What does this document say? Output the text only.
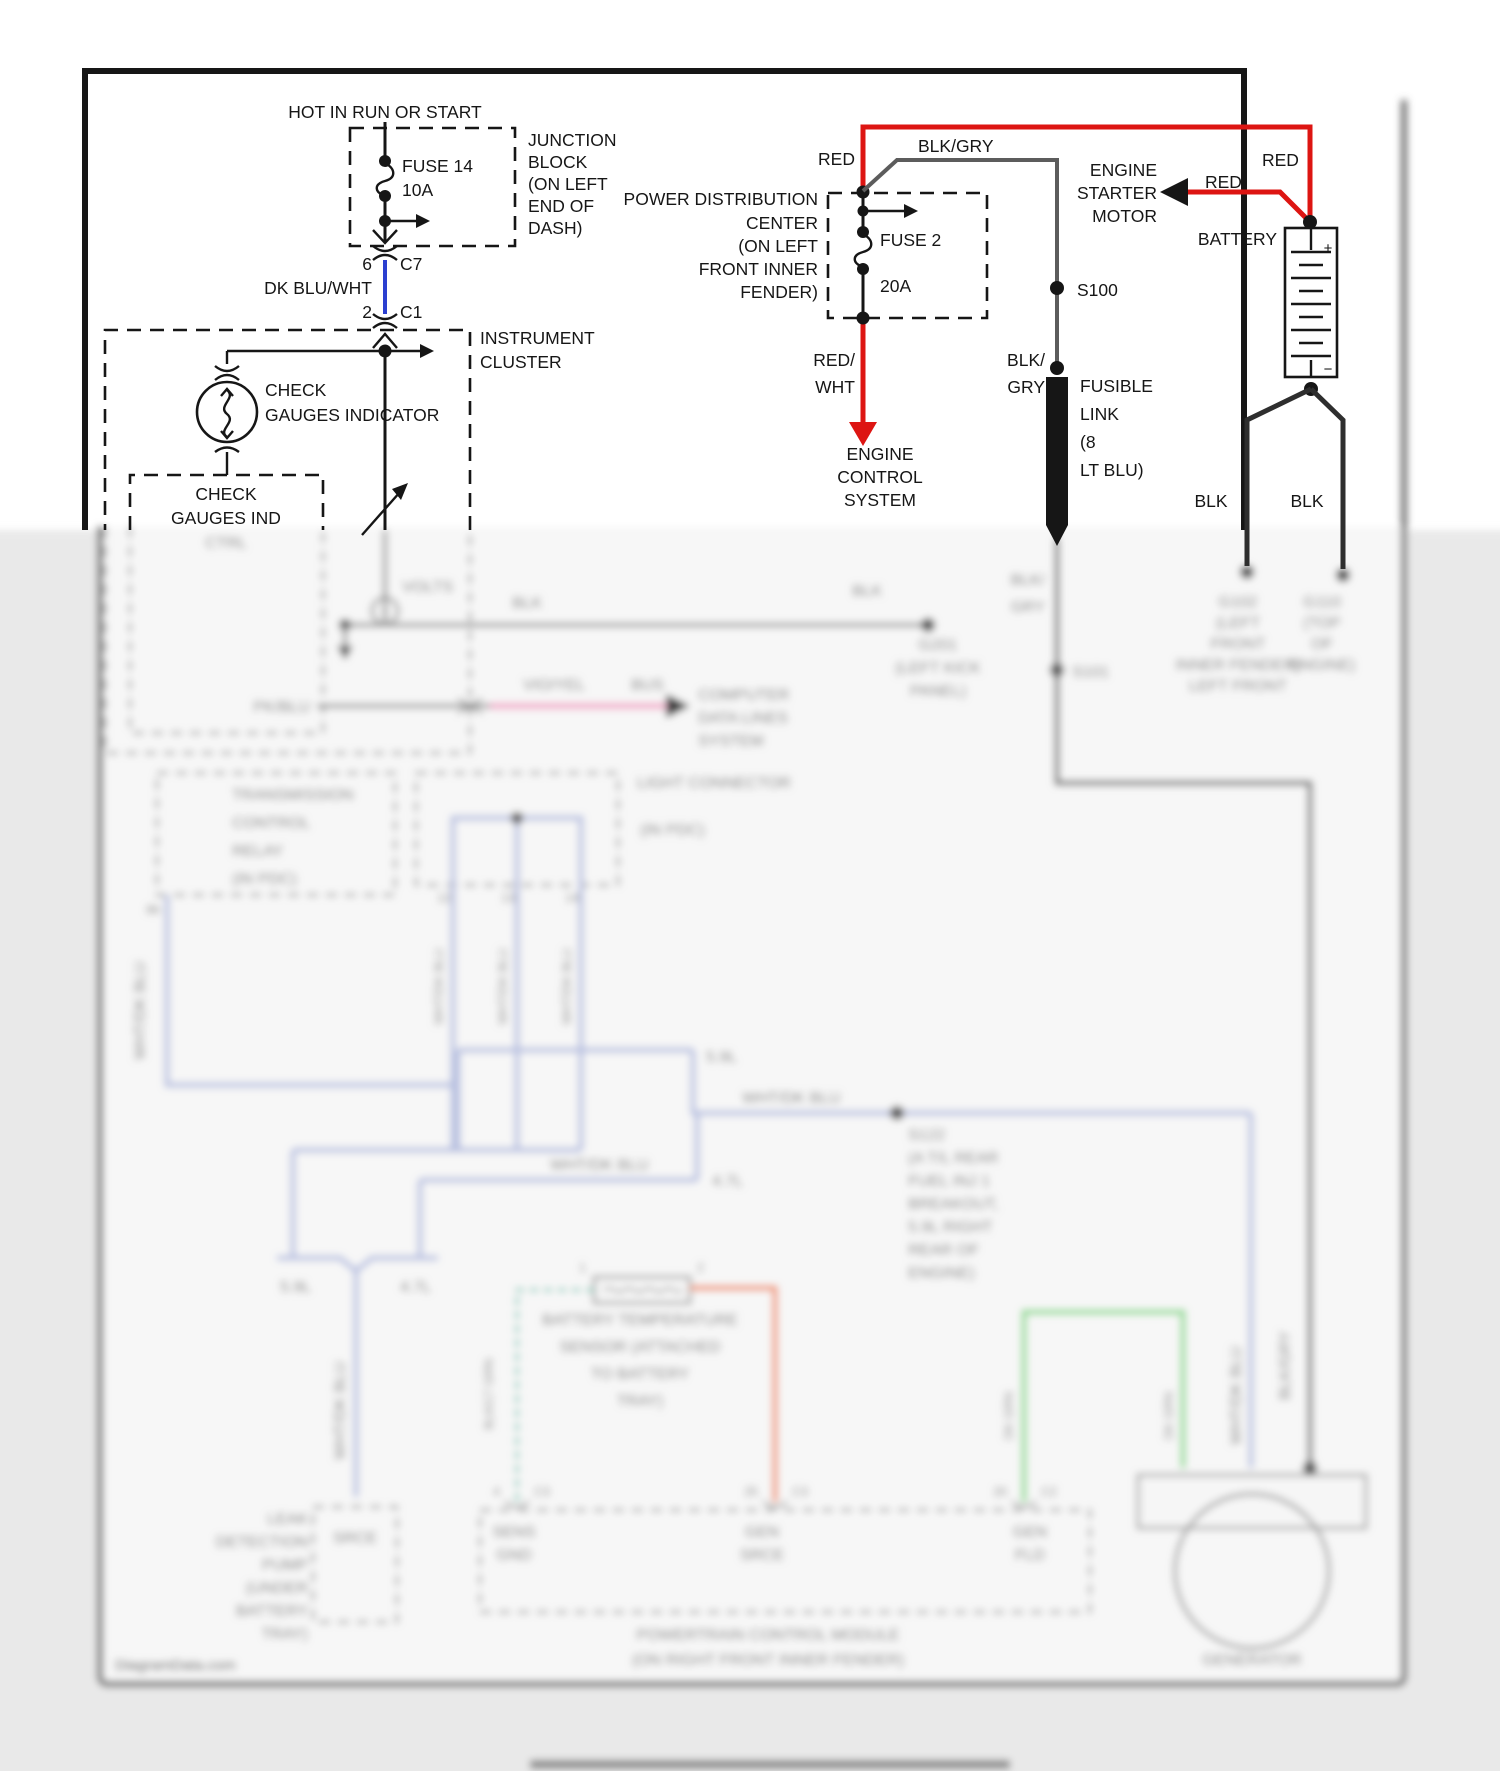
CTRL
VOLTS
BLK
BLK
G201
(LEFT KICK
PANEL)
PK/BLU
VIO/YEL	BUS
COMPUTER
DATA LINES
SYSTEM
BLK/
GRY
S101
BLK/GRY
G102
(LEFT
FRONT
INNER FENDER)
LEFT FRONT
G110
(TOP
OF
ENGINE)
TRANSMISSION
CONTROL
RELAY
(IN PDC)
86
LIGHT CONNECTOR
(IN PDC)
12	13	14
WHT/DK BLU	WHT/DK BLU	WHT/DK BLU	WHT/DK BLU
5.9L
WHT/DK BLU
WHT/DK BLU
4.7L
5.9L	4.7L
WHT/DK BLU	WHT/DK BLU
S122
(A T/L REAR
FUEL INJ 1
BREAKOUT,
5.9L RIGHT
REAR OF
ENGINE)
1	2
BATTERY TEMPERATURE
SENSOR (ATTACHED
TO BATTERY
TRAY)
BLK/LT GRN	DK GRN	DK GRN
SRCE
LEAK
DETECTION
PUMP
(UNDER
BATTERY
TRAY)
4	C3	25	C3	20	C2
SENS
GND
GEN
SRCE
GEN
FLD
POWERTRAIN CONTROL MODULE
(ON RIGHT FRONT INNER FENDER)	GENERATOR
DiagramData.com
HOT IN RUN OR START
JUNCTION
BLOCK
(ON LEFT
END OF
DASH)
FUSE 14
10A
6 C7
DK BLU/WHT
2 C1
INSTRUMENT
CLUSTER
CHECK
GAUGES INDICATOR
CHECK
GAUGES IND
RED
RED
RED
BLK/GRY
ENGINE
STARTER
MOTOR
POWER DISTRIBUTION
CENTER
(ON LEFT
FRONT INNER
FENDER)
FUSE 2
20A
RED/
WHT
ENGINE
CONTROL
SYSTEM
S100
BLK/
GRY FUSIBLE
LINK
(8
LT BLU)
+
−
BATTERY
BLK	BLK
